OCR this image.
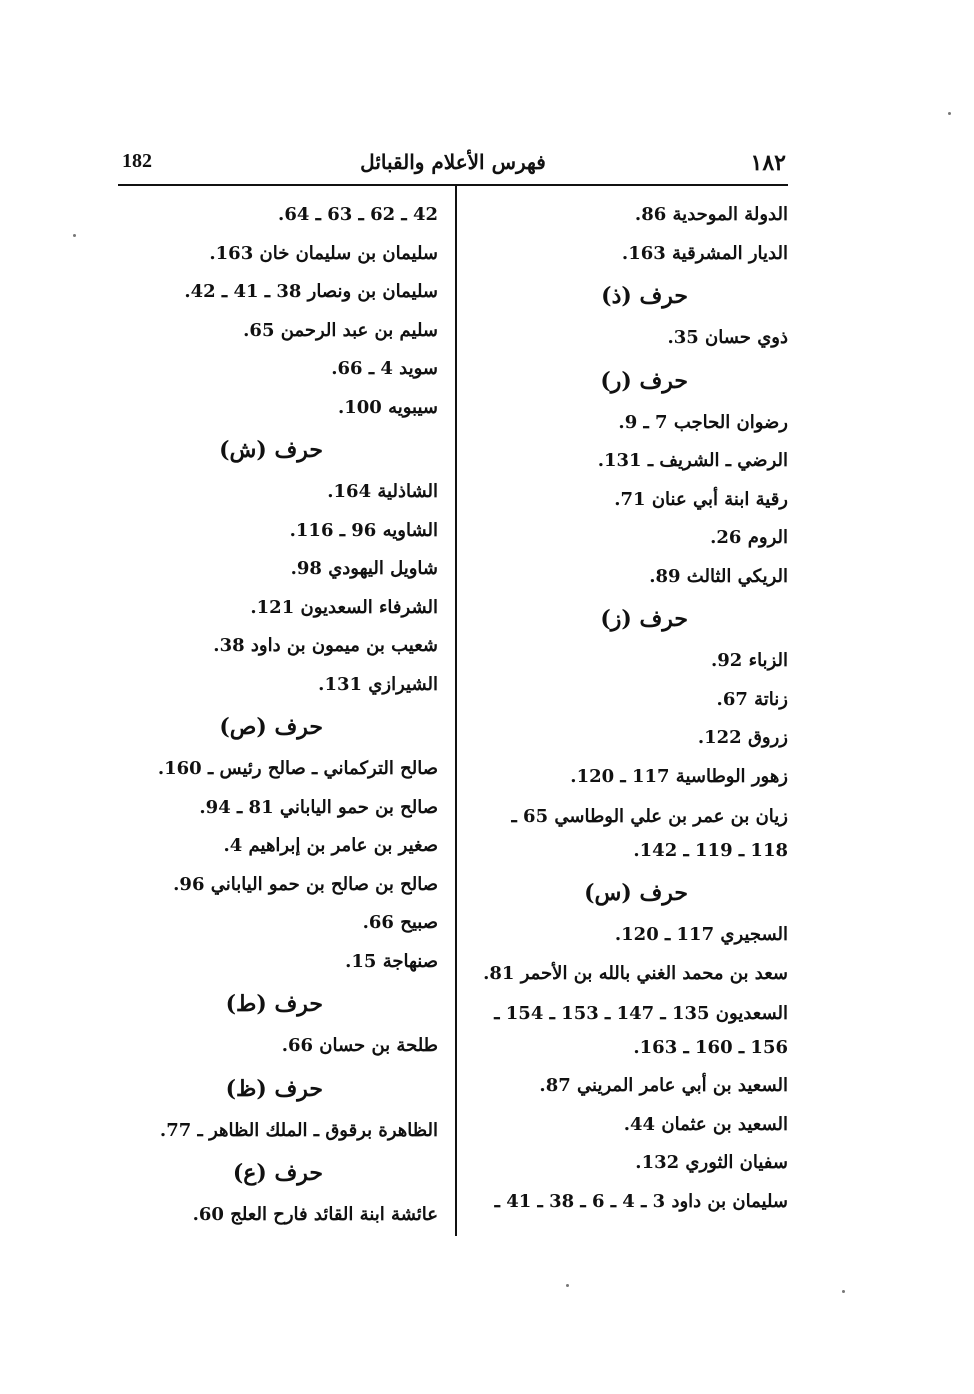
١٨٢
فهرس الأعلام والقبائل
182
الدولة الموحدية 86.
الديار المشرقية 163.
حرف (ذ)
ذوي حسان 35.
حرف (ر)
رضوان الحاجب 7 ـ 9.
الرضي ـ الشريف ـ 131.
رقية ابنة أبي عنان 71.
الروم 26.
الريكي الثالث 89.
حرف (ز)
الزباء 92.
زناتة 67.
زروق 122.
زهور الوطاسية 117 ـ 120.
زيان بن عمر بن علي الوطاسي 65 ـ 118 ـ 119 ـ 142.
حرف (س)
السجيري 117 ـ 120.
سعد بن محمد الغني بالله بن الأحمر 81.
السعديون 135 ـ 147 ـ 153 ـ 154 ـ 156 ـ 160 ـ 163.
السعيد بن أبي عامر المريني 87.
السعيد بن عثمان 44.
سفيان الثوري 132.
سليمان بن داود 3 ـ 4 ـ 6 ـ 38 ـ 41 ـ
42 ـ 62 ـ 63 ـ 64.
سليمان بن سليمان خان 163.
سليمان بن ونصار 38 ـ 41 ـ 42.
سليم بن عبد الرحمن 65.
سويد 4 ـ 66.
سيبويه 100.
حرف (ش)
الشاذلية 164.
الشاويه 96 ـ 116.
شاويل اليهودي 98.
الشرفاء السعديون 121.
شعيب بن ميمون بن داود 38.
الشيرازي 131.
حرف (ص)
صالح التركماني ـ صالح رئيس ـ 160.
صالح بن حمو الياباني 81 ـ 94.
صغير بن عامر بن إبراهيم 4.
صالح بن صالح بن حمو الياباني 96.
صبيح 66.
صنهاجة 15.
حرف (ط)
طلحة بن حسان 66.
حرف (ظ)
الظاهرة برقوق ـ الملك الظاهر ـ 77.
حرف (ع)
عائشة ابنة القائد فارح العلج 60.
